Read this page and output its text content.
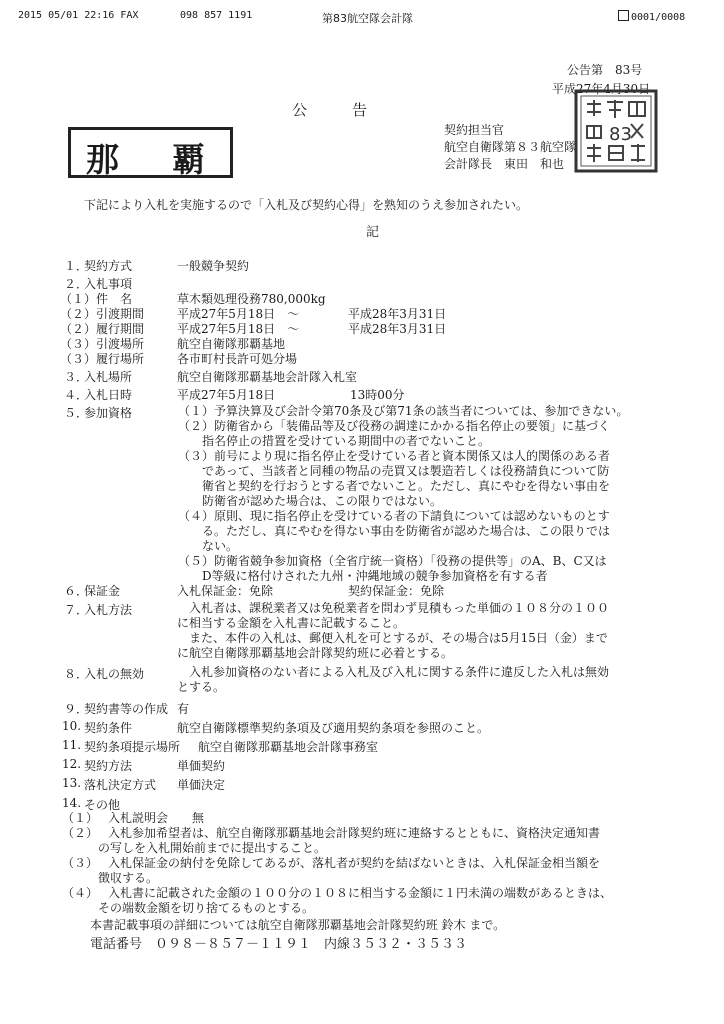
2015 05/01 22:16 FAX	098 857 1191	第83航空隊会計隊	0001/0008
公告第　83号
平成27年4月30日
公　　　告
那　覇
契約担当官
航空自衛隊第８３航空隊
会計隊長　東田　和也
83
下記により入札を実施するので「入札及び契約心得」を熟知のうえ参加されたい。
記
１．
契約方式	一般競争契約
２．
入札事項
（１） 件　名	草木類処理役務780,000kg
（２） 引渡期間	平成27年5月18日　～	平成28年3月31日
（２） 履行期間	平成27年5月18日　～	平成28年3月31日
（３） 引渡場所	航空自衛隊那覇基地
（３） 履行場所	各市町村長許可処分場
３．
入札場所	航空自衛隊那覇基地会計隊入札室
４．
入札日時	平成27年5月18日	13時00分
５．
参加資格	（１）予算決算及び会計令第70条及び第71条の該当者については、参加できない。
（２）防衛省から「装備品等及び役務の調達にかかる指名停止の要領」に基づく
指名停止の措置を受けている期間中の者でないこと。
（３）前号により現に指名停止を受けている者と資本関係又は人的関係のある者
であって、当該者と同種の物品の売買又は製造若しくは役務請負について防
衛省と契約を行おうとする者でないこと。ただし、真にやむを得ない事由を
防衛省が認めた場合は、この限りではない。
（４）原則、現に指名停止を受けている者の下請負については認めないものとす
る。ただし、真にやむを得ない事由を防衛省が認めた場合は、この限りでは
ない。
（５）防衛省競争参加資格（全省庁統一資格）「役務の提供等」のA、B、C又は
D等級に格付けされた九州・沖縄地域の競争参加資格を有する者
６．
保証金	入札保証金：免除	契約保証金：免除
７．
入札方法	入札者は、課税業者又は免税業者を問わず見積もった単価の１０８分の１００
に相当する金額を入札書に記載すること。
また、本件の入札は、郵便入札を可とするが、その場合は5月15日（金）まで
に航空自衛隊那覇基地会計隊契約班に必着とする。
８．
入札の無効	入札参加資格のない者による入札及び入札に関する条件に違反した入札は無効
とする。
９．
契約書等の作成 有
10. 契約条件	航空自衛隊標準契約条項及び適用契約条項を参照のこと。
11. 契約条項提示場所 航空自衛隊那覇基地会計隊事務室
12. 契約方法	単価契約
13. 落札決定方式 単価決定
14. その他
（１） 入札説明会　　無
（２） 入札参加希望者は、航空自衛隊那覇基地会計隊契約班に連絡するとともに、資格決定通知書
の写しを入札開始前までに提出すること。
（３） 入札保証金の納付を免除してあるが、落札者が契約を結ばないときは、入札保証金相当額を
徴収する。
（４） 入札書に記載された金額の１００分の１０８に相当する金額に１円未満の端数があるときは、
その端数金額を切り捨てるものとする。
本書記載事項の詳細については航空自衛隊那覇基地会計隊契約班 鈴木 まで。
電話番号　０９８－８５７－１１９１　内線３５３２・３５３３
